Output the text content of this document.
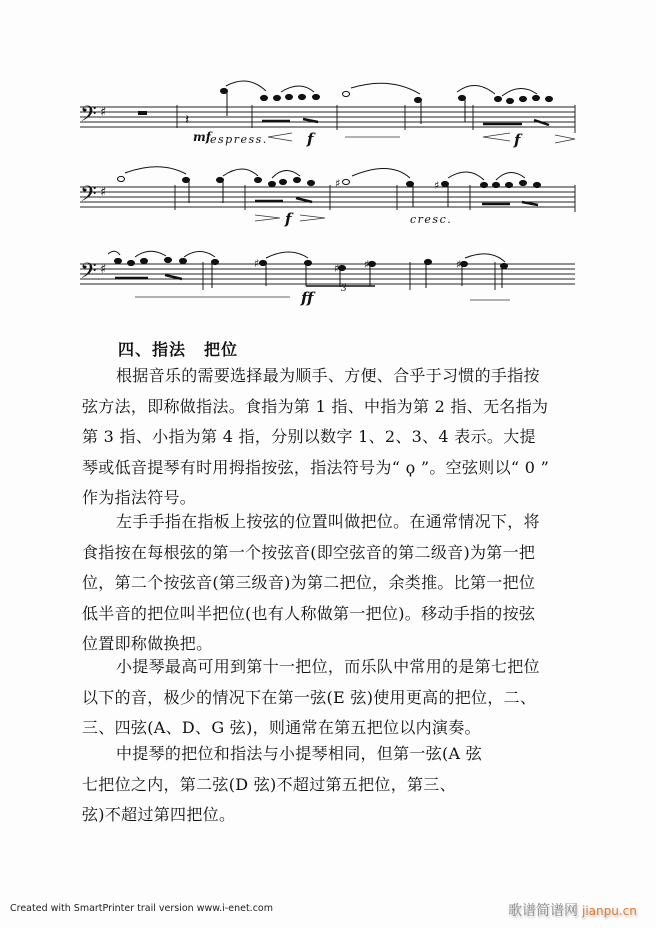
𝄢 ♯
𝄢 ♯
𝄢 ♯
𝄽
♯	♯
♯	♯ ♯	♯
mf espress.	f	f
f	cresc.
ff	3
四、指法 把位
根据音乐的需要选择最为顺手、方便、合乎于习惯的手指按
弦方法，即称做指法。食指为第 1 指、中指为第 2 指、无名指为
第 3 指、小指为第 4 指，分别以数字 1、2、3、4 表示。大提
琴或低音提琴有时用拇指按弦，指法符号为“ ϙ ”。空弦则以“ 0 ”
作为指法符号。
左手手指在指板上按弦的位置叫做把位。在通常情况下，将
食指按在每根弦的第一个按弦音(即空弦音的第二级音)为第一把
位，第二个按弦音(第三级音)为第二把位，余类推。比第一把位
低半音的把位叫半把位(也有人称做第一把位)。移动手指的按弦
位置即称做换把。
小提琴最高可用到第十一把位，而乐队中常用的是第七把位
以下的音，极少的情况下在第一弦(E 弦)使用更高的把位，二、
三、四弦(A、D、G 弦)，则通常在第五把位以内演奏。
中提琴的把位和指法与小提琴相同，但第一弦(A 弦
七把位之内，第二弦(D 弦)不超过第五把位，第三、
弦)不超过第四把位。
Created with SmartPrinter trail version www.i-enet.com	歌谱简谱网 jianpu.cn
